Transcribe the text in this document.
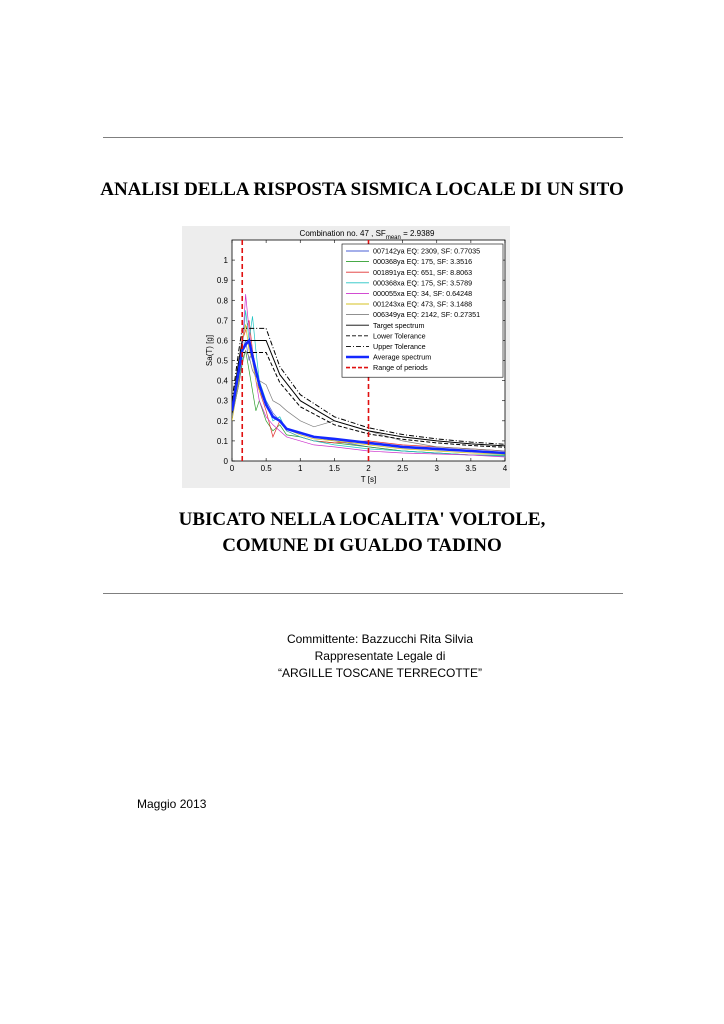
ANALISI DELLA RISPOSTA SISMICA LOCALE DI UN SITO
Combination no. 47 , $SF_{mean} = 2.9389$
0	0.5	1	1.5	2	2.5	3	3.5	4
0
0.1
0.2
0.3
0.4
0.5
0.6
0.7
0.8
0.9
1
T [s]
Sa(T) [g]
007142ya EQ: 2309, SF: 0.77035
000368ya EQ: 175, SF: 3.3516
001891ya EQ: 651, SF: 8.8063
000368xa EQ: 175, SF: 3.5789
000055xa EQ: 34, SF: 0.64248
001243xa EQ: 473, SF: 3.1488
006349ya EQ: 2142, SF: 0.27351
Target spectrum
Lower Tolerance
Upper Tolerance
Average spectrum
Range of periods
UBICATO NELLA LOCALITA' VOLTOLE,
COMUNE DI GUALDO TADINO
Committente: Bazzucchi Rita Silvia
Rappresentate Legale di
“ARGILLE TOSCANE TERRECOTTE”
Maggio 2013
